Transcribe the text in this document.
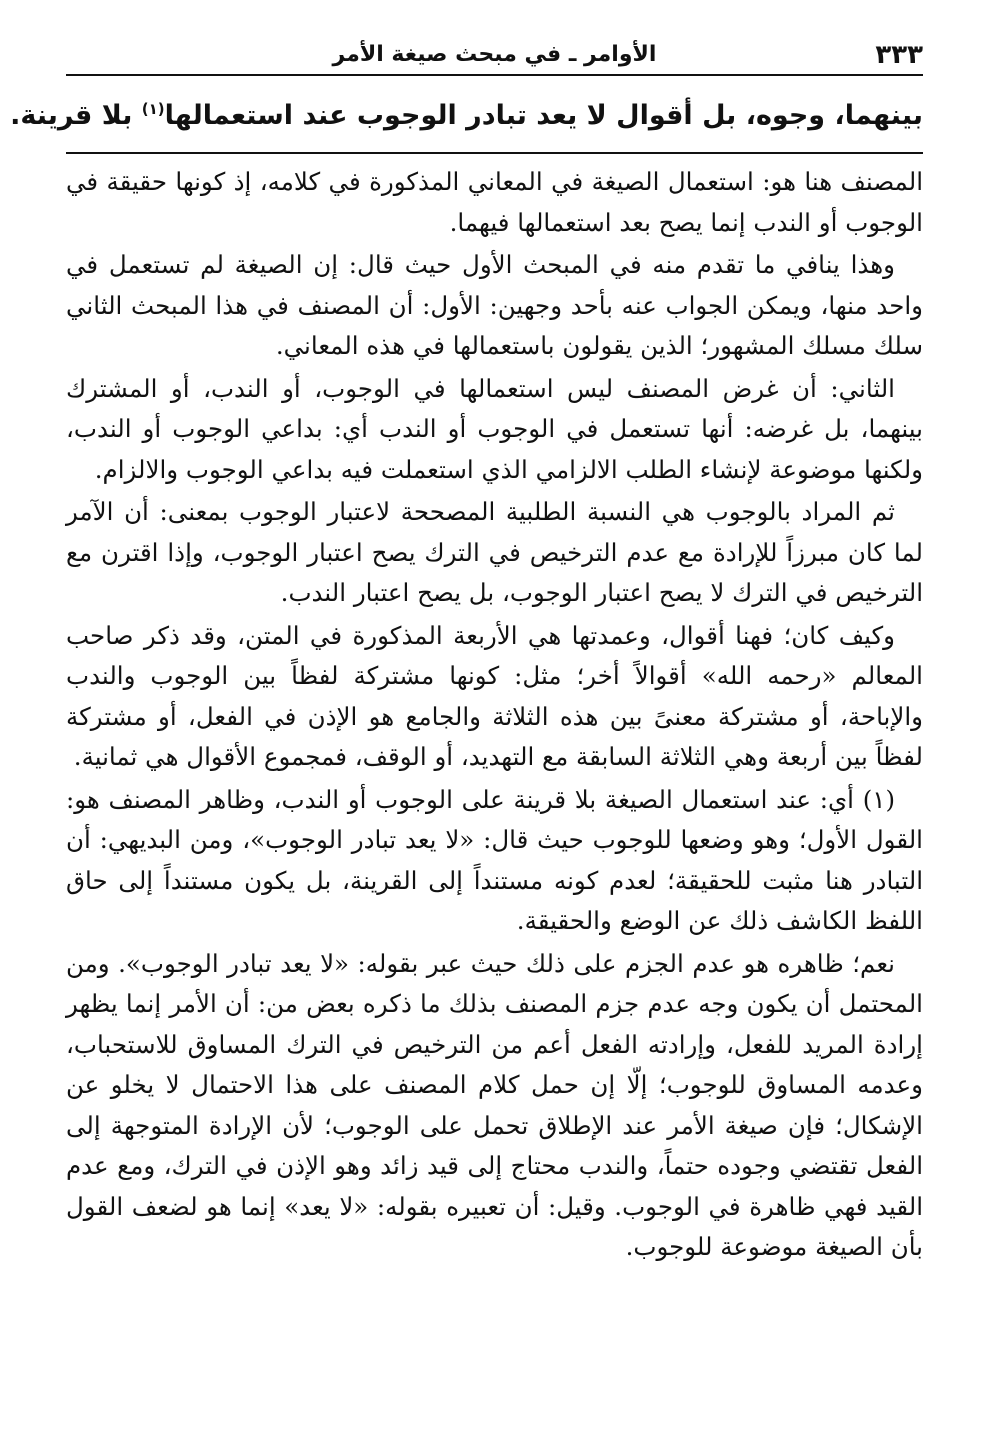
٣٣٣
الأوامر ـ في مبحث صيغة الأمر
بينهما، وجوه، بل أقوال لا يعد تبادر الوجوب عند استعمالها$^{(١)}$ بلا قرينة.

المصنف هنا هو: استعمال الصيغة في المعاني المذكورة في كلامه، إذ كونها حقيقة في الوجوب أو الندب إنما يصح بعد استعمالها فيهما.

وهذا ينافي ما تقدم منه في المبحث الأول حيث قال: إن الصيغة لم تستعمل في واحد منها، ويمكن الجواب عنه بأحد وجهين: الأول: أن المصنف في هذا المبحث الثاني سلك مسلك المشهور؛ الذين يقولون باستعمالها في هذه المعاني.

الثاني: أن غرض المصنف ليس استعمالها في الوجوب، أو الندب، أو المشترك بينهما، بل غرضه: أنها تستعمل في الوجوب أو الندب أي: بداعي الوجوب أو الندب، ولكنها موضوعة لإنشاء الطلب الالزامي الذي استعملت فيه بداعي الوجوب والالزام.

ثم المراد بالوجوب هي النسبة الطلبية المصححة لاعتبار الوجوب بمعنى: أن الآمر لما كان مبرزاً للإرادة مع عدم الترخيص في الترك يصح اعتبار الوجوب، وإذا اقترن مع الترخيص في الترك لا يصح اعتبار الوجوب، بل يصح اعتبار الندب.

وكيف كان؛ فهنا أقوال، وعمدتها هي الأربعة المذكورة في المتن، وقد ذكر صاحب المعالم «رحمه الله» أقوالاً أخر؛ مثل: كونها مشتركة لفظاً بين الوجوب والندب والإباحة، أو مشتركة معنىً بين هذه الثلاثة والجامع هو الإذن في الفعل، أو مشتركة لفظاً بين أربعة وهي الثلاثة السابقة مع التهديد، أو الوقف، فمجموع الأقوال هي ثمانية.

(١) أي: عند استعمال الصيغة بلا قرينة على الوجوب أو الندب، وظاهر المصنف هو: القول الأول؛ وهو وضعها للوجوب حيث قال: «لا يعد تبادر الوجوب»، ومن البديهي: أن التبادر هنا مثبت للحقيقة؛ لعدم كونه مستنداً إلى القرينة، بل يكون مستنداً إلى حاق اللفظ الكاشف ذلك عن الوضع والحقيقة.

نعم؛ ظاهره هو عدم الجزم على ذلك حيث عبر بقوله: «لا يعد تبادر الوجوب». ومن المحتمل أن يكون وجه عدم جزم المصنف بذلك ما ذكره بعض من: أن الأمر إنما يظهر إرادة المريد للفعل، وإرادته الفعل أعم من الترخيص في الترك المساوق للاستحباب، وعدمه المساوق للوجوب؛ إلّا إن حمل كلام المصنف على هذا الاحتمال لا يخلو عن الإشكال؛ فإن صيغة الأمر عند الإطلاق تحمل على الوجوب؛ لأن الإرادة المتوجهة إلى الفعل تقتضي وجوده حتماً، والندب محتاج إلى قيد زائد وهو الإذن في الترك، ومع عدم القيد فهي ظاهرة في الوجوب. وقيل: أن تعبيره بقوله: «لا يعد» إنما هو لضعف القول بأن الصيغة موضوعة للوجوب.
